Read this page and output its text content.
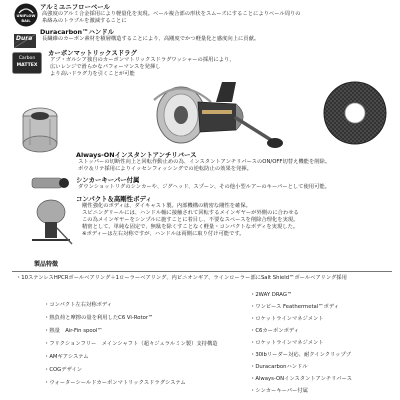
UNIFLOW
BAIL
Dura
Carbon
MATTEX
アルミユニフローベール
高強度のアルミ合金採用により軽量化を実現。ベール複合部の形状をスムーズにすることによりベール周りの
糸絡みのトラブルを激減することに
Duracarbon™ハンドル
長繊維のカーボン素材を積層構造することにより、高剛度でかつ軽量化と感度向上に貢献。
カーボンマットリックスドラグ
アブ・ガルシア独自のカーボンマトリックスドラグワッシャーの採用により、
広いレンジで滑らかなパフォーマンスを発揮し
より高いドラグ力を引くことが可能
Always-ONインスタントアンチリバース
ストッパーの切断性向上と回転作動止めの為、インスタントアンチリバースのON/OFF切替え機能を削除。
ボウ＆リテ採用によりイッセンフィッシングでの逆転防止の効果を発揮。
シンカーキーパー付属
ダウンショットリグのシンカーや、ジグヘッド、スプーン、その他小型ルアーのキーパーとして使用可能。
コンパクト＆高剛性ボディ
剛性強化のボディは、ダイキャスト製。内部機構の精密な剛性を確保。
スピニングリールには、ハンドル軸に接触されて回転するメインギヤーが外側のに合わせる
この為メインギヤーをシンプルに施すことに着目し、不要なスペースを削除合理化を実現。
精密として、単純な固定で、無駄を除くすことなく軽量・コンパクトなボディを実現した。
※ボディーは左右対称ですが、ハンドルは両側に取り付け可能です。
製品特徴
・10ステンレスHPCRボールベアリング＋1ローラーベアリング、内ピニオンギア、ラインローラー部にSalt Shield™ボールベアリング採用
・ コンパクト左右対称ボディ
・ 熱負荷と摩擦の量を利用したC6 Vi-Rotor™
・ 熱量　Air-Fin spool™
・ フリクションフリー　メインシャフト（超々ジュラルミン製）支持構造
・ AMギアシステム
・ COGデザイン
・ ウォーターシールドカーボンマトリックスドラグシステム
・ 2WAY DRAG™
・ ワンピース Feathermetal™ボディ
・ ロケットラインマネジメント
・ C6カーボンボディ
・ ロケットラインマネジメント
・ 30lbリーダー対応、耐クインクリップブ
・ Duracarbonハンドル
・ Always-ONインスタントアンチリバース
・ シンカーキーパー付属
